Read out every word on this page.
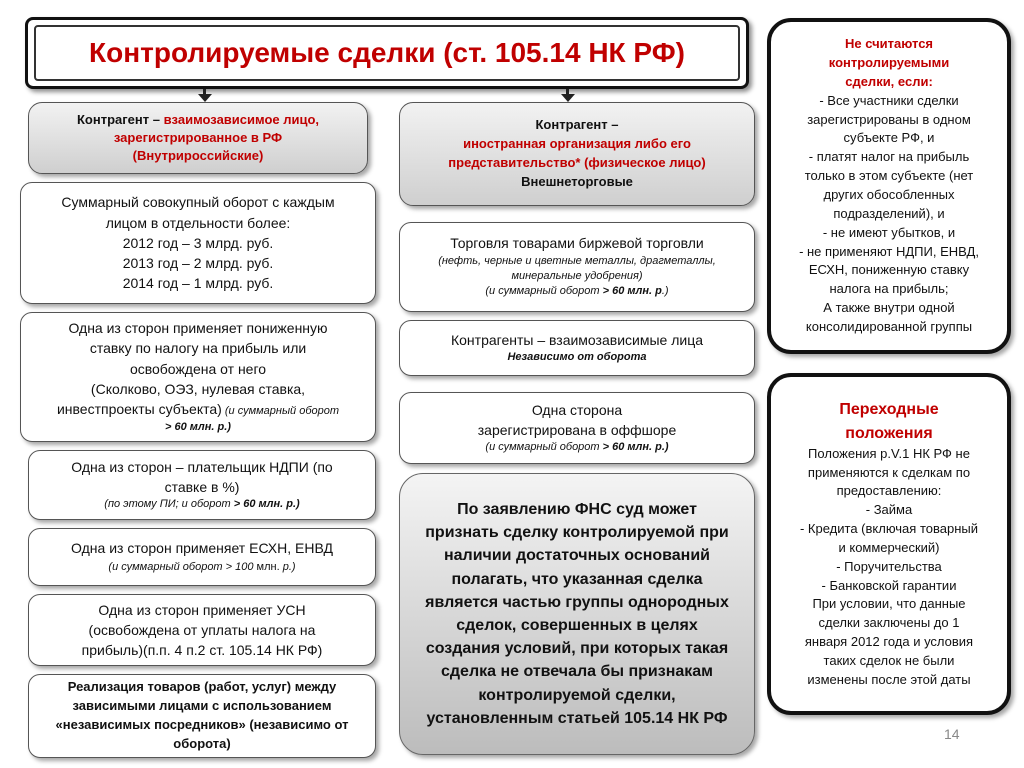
Контролируемые сделки (ст. 105.14 НК РФ)
Контрагент – взаимозависимое лицо, зарегистрированное в РФ
(Внутрироссийские)
Контрагент –
иностранная организация либо его представительство* (физическое лицо)
Внешнеторговые
Суммарный совокупный оборот с каждым
лицом в отдельности более:
2012 год – 3 млрд. руб.
2013 год – 2 млрд. руб.
2014 год – 1 млрд. руб.
Одна из сторон применяет пониженную
ставку по налогу на прибыль или
освобождена от него
(Сколково, ОЭЗ, нулевая ставка,
инвестпроекты субъекта) (и суммарный оборот
> 60 млн. р.)
Одна из сторон – плательщик НДПИ (по
ставке в %)
(по этому ПИ; и оборот > 60 млн. р.)
Одна из сторон применяет ЕСХН, ЕНВД
(и суммарный оборот > 100 млн. р.)
Одна из сторон применяет УСН
(освобождена от уплаты налога на
прибыль)(п.п. 4 п.2 ст. 105.14 НК РФ)
Реализация товаров (работ, услуг) между
зависимыми лицами с использованием
«независимых посредников» (независимо от
оборота)
Торговля товарами биржевой торговли
(нефть, черные и цветные металлы, драгметаллы, минеральные удобрения)
(и суммарный оборот > 60 млн. р.)
Контрагенты – взаимозависимые лица
Независимо от оборота
Одна сторона
зарегистрирована в оффшоре
(и суммарный оборот > 60 млн. р.)
По заявлению ФНС суд может признать сделку контролируемой при наличии достаточных оснований полагать, что указанная сделка является частью группы однородных сделок, совершенных в целях создания условий, при которых такая сделка не отвечала бы признакам контролируемой сделки, установленным статьей 105.14 НК РФ
Не считаются
контролируемыми
сделки, если:
- Все участники сделки
зарегистрированы в одном
субъекте РФ, и
- платят налог на прибыль
только в этом субъекте (нет
других обособленных
подразделений), и
- не имеют убытков, и
- не применяют НДПИ, ЕНВД,
ЕСХН, пониженную ставку
налога на прибыль;
А также внутри одной
консолидированной группы
Переходные
положения
Положения р.V.1 НК РФ не
применяются к сделкам по
предоставлению:
- Займа
- Кредита (включая товарный
и коммерческий)
- Поручительства
- Банковской гарантии
При условии, что данные
сделки заключены до 1
января 2012 года и условия
таких сделок не были
изменены после этой даты
14
